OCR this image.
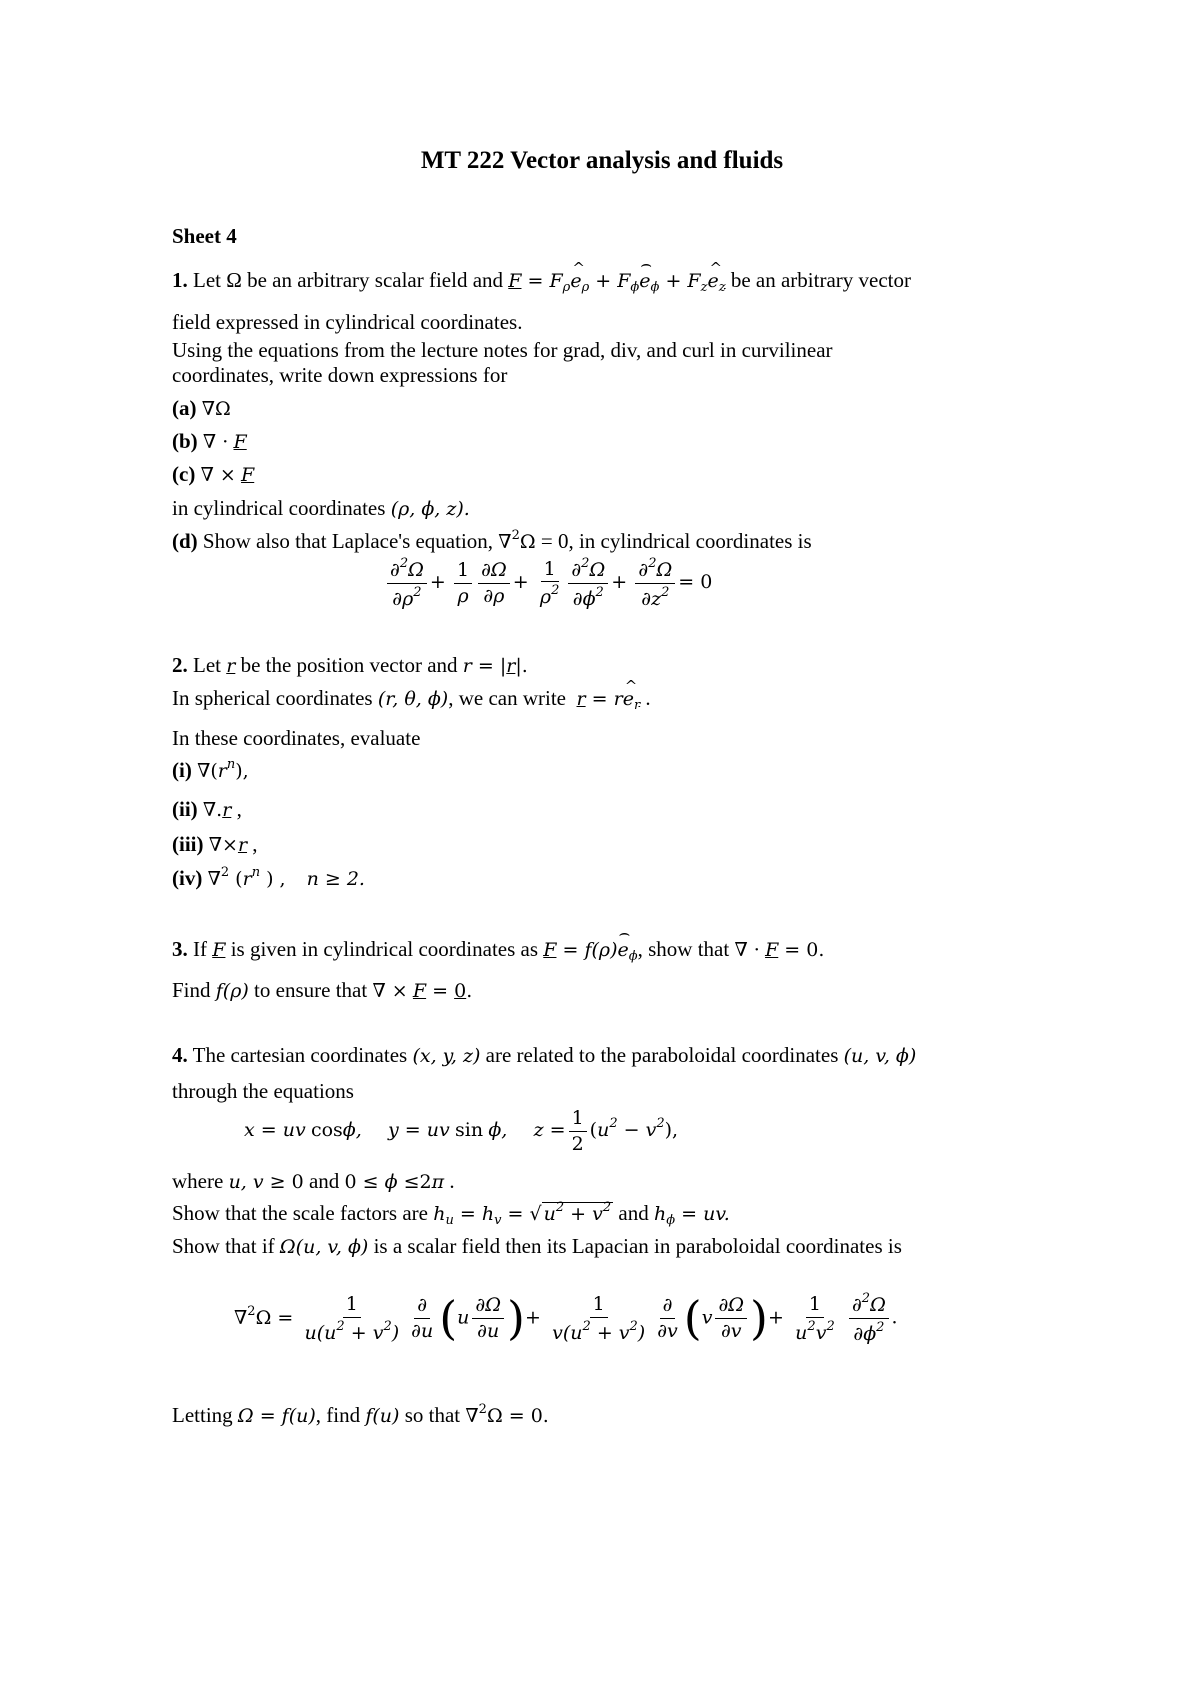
MT 222 Vector analysis and fluids
Sheet 4
1. Let Ω be an arbitrary scalar field and $F = F_\rho\^{}$ $e_\rho$ + $F_\phi⌢$ $e_\phi$ + $F_z\^{}$ $e_z$ be an arbitrary vector
field expressed in cylindrical coordinates.
Using the equations from the lecture notes for grad, div, and curl in curvilinear
coordinates, write down expressions for
(a) ∇Ω
(b) ∇ · F
(c) ∇ × F
in cylindrical coordinates (ρ, ϕ, z).
(d) Show also that Laplace's equation, ∇$^2$Ω = 0, in cylindrical coordinates is
$\frac{\partial^2\Omega}{\partial\rho^2} + \frac{1}{\rho} \frac{\partial\Omega}{\partial\rho} + \frac{1}{\rho^2} \frac{\partial^2\Omega}{\partial\phi^2} + \frac{\partial^2\Omega}{\partial z^2} = 0$
2. Let r be the position vector and r = |r|.
In spherical coordinates (r, θ, ϕ), we can write r = r^ $e_r$ .
In these coordinates, evaluate
(i) $\nabla(r^n)$,
(ii) ∇.r ,
(iii) ∇×r ,
(iv) ∇$^2$ ($r^n$ ) , n ≥ 2.
3. If F is given in cylindrical coordinates as F = f(ρ)⌢ $e_\phi$, show that ∇ · F = 0.
Find f(ρ) to ensure that ∇ × F = 0.
4. The cartesian coordinates (x, y, z) are related to the paraboloidal coordinates (u, v, ϕ)
through the equations
x = uv cosϕ, y = uv sin ϕ, $z = \frac{1}{2} (u^2 - v^2)$,
where u, v ≥ 0 and 0 ≤ ϕ ≤2π .
Show that the scale factors are $h_u = h_v$ = √ $u^2 + v^2$ and $h_\phi$ = uv.
Show that if Ω(u, v, ϕ) is a scalar field then its Lapacian in paraboloidal coordinates is
$\nabla^2\Omega = \frac{1}{u(u^2 + v^2)} \frac{\partial}{\partial u} (u \frac{\partial\Omega}{\partial u}$ )+ $\frac{1}{v(u^2 + v^2)} \frac{\partial}{\partial v} (v \frac{\partial\Omega}{\partial v}$ )+ $\frac{1}{u^2v^2}$
$\frac{\partial^2\Omega}{\partial\phi^2}$ .
Letting Ω = f(u), find f(u) so that ∇$^2$Ω = 0.
